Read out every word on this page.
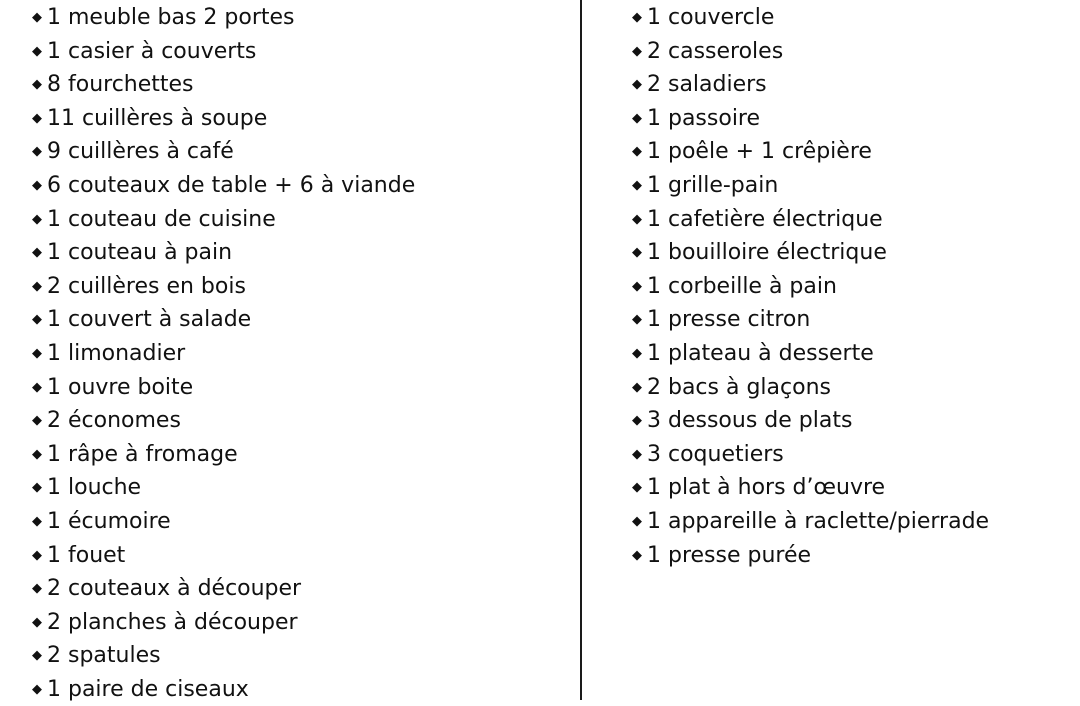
◆ 1 meuble bas 2 portes
◆ 1 casier à couverts
◆ 8 fourchettes
◆ 11 cuillères à soupe
◆ 9 cuillères à café
◆ 6 couteaux de table + 6 à viande
◆ 1 couteau de cuisine
◆ 1 couteau à pain
◆ 2 cuillères en bois
◆ 1 couvert à salade
◆ 1 limonadier
◆ 1 ouvre boite
◆ 2 économes
◆ 1 râpe à fromage
◆ 1 louche
◆ 1 écumoire
◆ 1 fouet
◆ 2 couteaux à découper
◆ 2 planches à découper
◆ 2 spatules
◆ 1 paire de ciseaux
◆ 1 couvercle
◆ 2 casseroles
◆ 2 saladiers
◆ 1 passoire
◆ 1 poêle + 1 crêpière
◆ 1 grille-pain
◆ 1 cafetière électrique
◆ 1 bouilloire électrique
◆ 1 corbeille à pain
◆ 1 presse citron
◆ 1 plateau à desserte
◆ 2 bacs à glaçons
◆ 3 dessous de plats
◆ 3 coquetiers
◆ 1 plat à hors d’œuvre
◆ 1 appareille à raclette/pierrade
◆ 1 presse purée
